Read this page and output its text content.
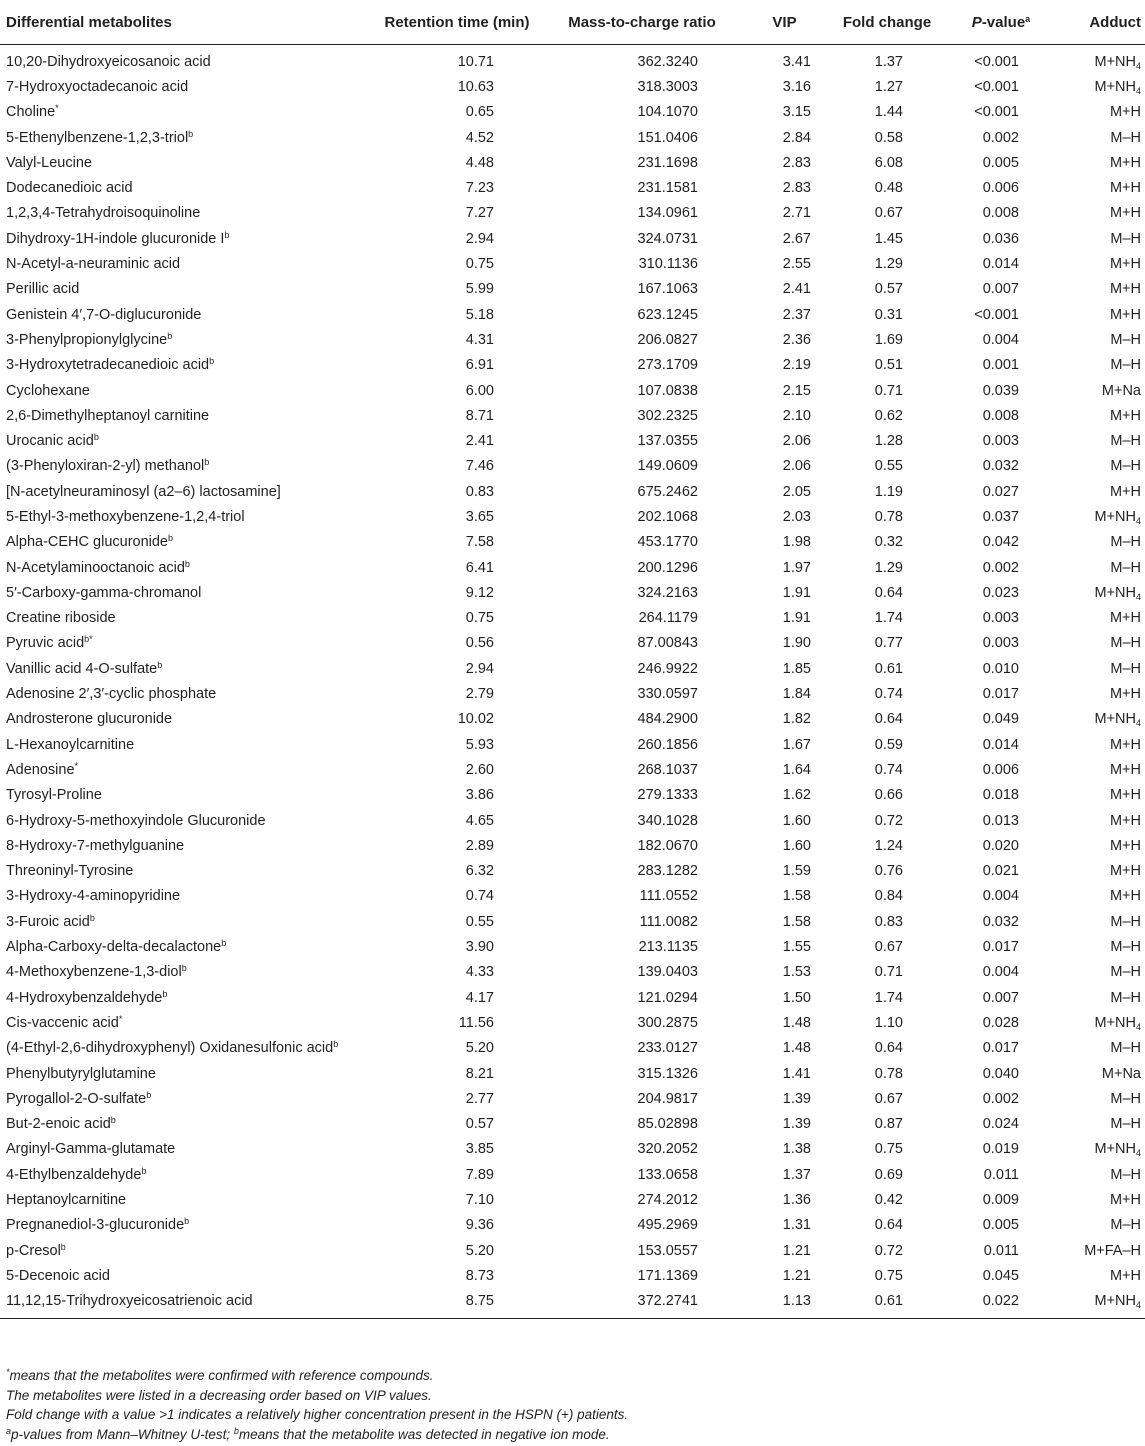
Differential metabolites	Retention time (min)	Mass-to-charge ratio	VIP	Fold change	P-value$^a$	Adduct
10,20-Dihydroxyeicosanoic acid	10.71	362.3240	3.41	1.37	<0.001	$M+NH_4$
7-Hydroxyoctadecanoic acid	10.63	318.3003	3.16	1.27	<0.001	$M+NH_4$
Choline*	0.65	104.1070	3.15	1.44	<0.001	M+H
5-Ethenylbenzene-1,2,3-triol$^b$	4.52	151.0406	2.84	0.58	0.002	M–H
Valyl-Leucine	4.48	231.1698	2.83	6.08	0.005	M+H
Dodecanedioic acid	7.23	231.1581	2.83	0.48	0.006	M+H
1,2,3,4-Tetrahydroisoquinoline	7.27	134.0961	2.71	0.67	0.008	M+H
Dihydroxy-1H-indole glucuronide $I^b$	2.94	324.0731	2.67	1.45	0.036	M–H
N-Acetyl-a-neuraminic acid	0.75	310.1136	2.55	1.29	0.014	M+H
Perillic acid	5.99	167.1063	2.41	0.57	0.007	M+H
Genistein 4′,7-O-diglucuronide	5.18	623.1245	2.37	0.31	<0.001	M+H
3-Phenylpropionylglycine$^b$	4.31	206.0827	2.36	1.69	0.004	M–H
3-Hydroxytetradecanedioic acid$^b$	6.91	273.1709	2.19	0.51	0.001	M–H
Cyclohexane	6.00	107.0838	2.15	0.71	0.039	M+Na
2,6-Dimethylheptanoyl carnitine	8.71	302.2325	2.10	0.62	0.008	M+H
Urocanic acid$^b$	2.41	137.0355	2.06	1.28	0.003	M–H
(3-Phenyloxiran-2-yl) methanol$^b$	7.46	149.0609	2.06	0.55	0.032	M–H
[N-acetylneuraminosyl (a2–6) lactosamine]	0.83	675.2462	2.05	1.19	0.027	M+H
5-Ethyl-3-methoxybenzene-1,2,4-triol	3.65	202.1068	2.03	0.78	0.037	$M+NH_4$
Alpha-CEHC glucuronide$^b$	7.58	453.1770	1.98	0.32	0.042	M–H
N-Acetylaminooctanoic acid$^b$	6.41	200.1296	1.97	1.29	0.002	M–H
5′-Carboxy-gamma-chromanol	9.12	324.2163	1.91	0.64	0.023	$M+NH_4$
Creatine riboside	0.75	264.1179	1.91	1.74	0.003	M+H
Pyruvic acid$^{b*}$	0.56	87.00843	1.90	0.77	0.003	M–H
Vanillic acid 4-O-sulfate$^b$	2.94	246.9922	1.85	0.61	0.010	M–H
Adenosine 2′,3′-cyclic phosphate	2.79	330.0597	1.84	0.74	0.017	M+H
Androsterone glucuronide	10.02	484.2900	1.82	0.64	0.049	$M+NH_4$
L-Hexanoylcarnitine	5.93	260.1856	1.67	0.59	0.014	M+H
Adenosine*	2.60	268.1037	1.64	0.74	0.006	M+H
Tyrosyl-Proline	3.86	279.1333	1.62	0.66	0.018	M+H
6-Hydroxy-5-methoxyindole Glucuronide	4.65	340.1028	1.60	0.72	0.013	M+H
8-Hydroxy-7-methylguanine	2.89	182.0670	1.60	1.24	0.020	M+H
Threoninyl-Tyrosine	6.32	283.1282	1.59	0.76	0.021	M+H
3-Hydroxy-4-aminopyridine	0.74	111.0552	1.58	0.84	0.004	M+H
3-Furoic acid$^b$	0.55	111.0082	1.58	0.83	0.032	M–H
Alpha-Carboxy-delta-decalactone$^b$	3.90	213.1135	1.55	0.67	0.017	M–H
4-Methoxybenzene-1,3-diol$^b$	4.33	139.0403	1.53	0.71	0.004	M–H
4-Hydroxybenzaldehyde$^b$	4.17	121.0294	1.50	1.74	0.007	M–H
Cis-vaccenic acid*	11.56	300.2875	1.48	1.10	0.028	$M+NH_4$
(4-Ethyl-2,6-dihydroxyphenyl) Oxidanesulfonic acid$^b$	5.20	233.0127	1.48	0.64	0.017	M–H
Phenylbutyrylglutamine	8.21	315.1326	1.41	0.78	0.040	M+Na
Pyrogallol-2-O-sulfate$^b$	2.77	204.9817	1.39	0.67	0.002	M–H
But-2-enoic acid$^b$	0.57	85.02898	1.39	0.87	0.024	M–H
Arginyl-Gamma-glutamate	3.85	320.2052	1.38	0.75	0.019	$M+NH_4$
4-Ethylbenzaldehyde$^b$	7.89	133.0658	1.37	0.69	0.011	M–H
Heptanoylcarnitine	7.10	274.2012	1.36	0.42	0.009	M+H
Pregnanediol-3-glucuronide$^b$	9.36	495.2969	1.31	0.64	0.005	M–H
p-Cresol$^b$	5.20	153.0557	1.21	0.72	0.011	M+FA–H
5-Decenoic acid	8.73	171.1369	1.21	0.75	0.045	M+H
11,12,15-Trihydroxyeicosatrienoic acid	8.75	372.2741	1.13	0.61	0.022	$M+NH_4$

*means that the metabolites were confirmed with reference compounds.

The metabolites were listed in a decreasing order based on VIP values.

Fold change with a value >1 indicates a relatively higher concentration present in the HSPN (+) patients.

$^a$p-values from Mann–Whitney U-test; $^b$means that the metabolite was detected in negative ion mode.
